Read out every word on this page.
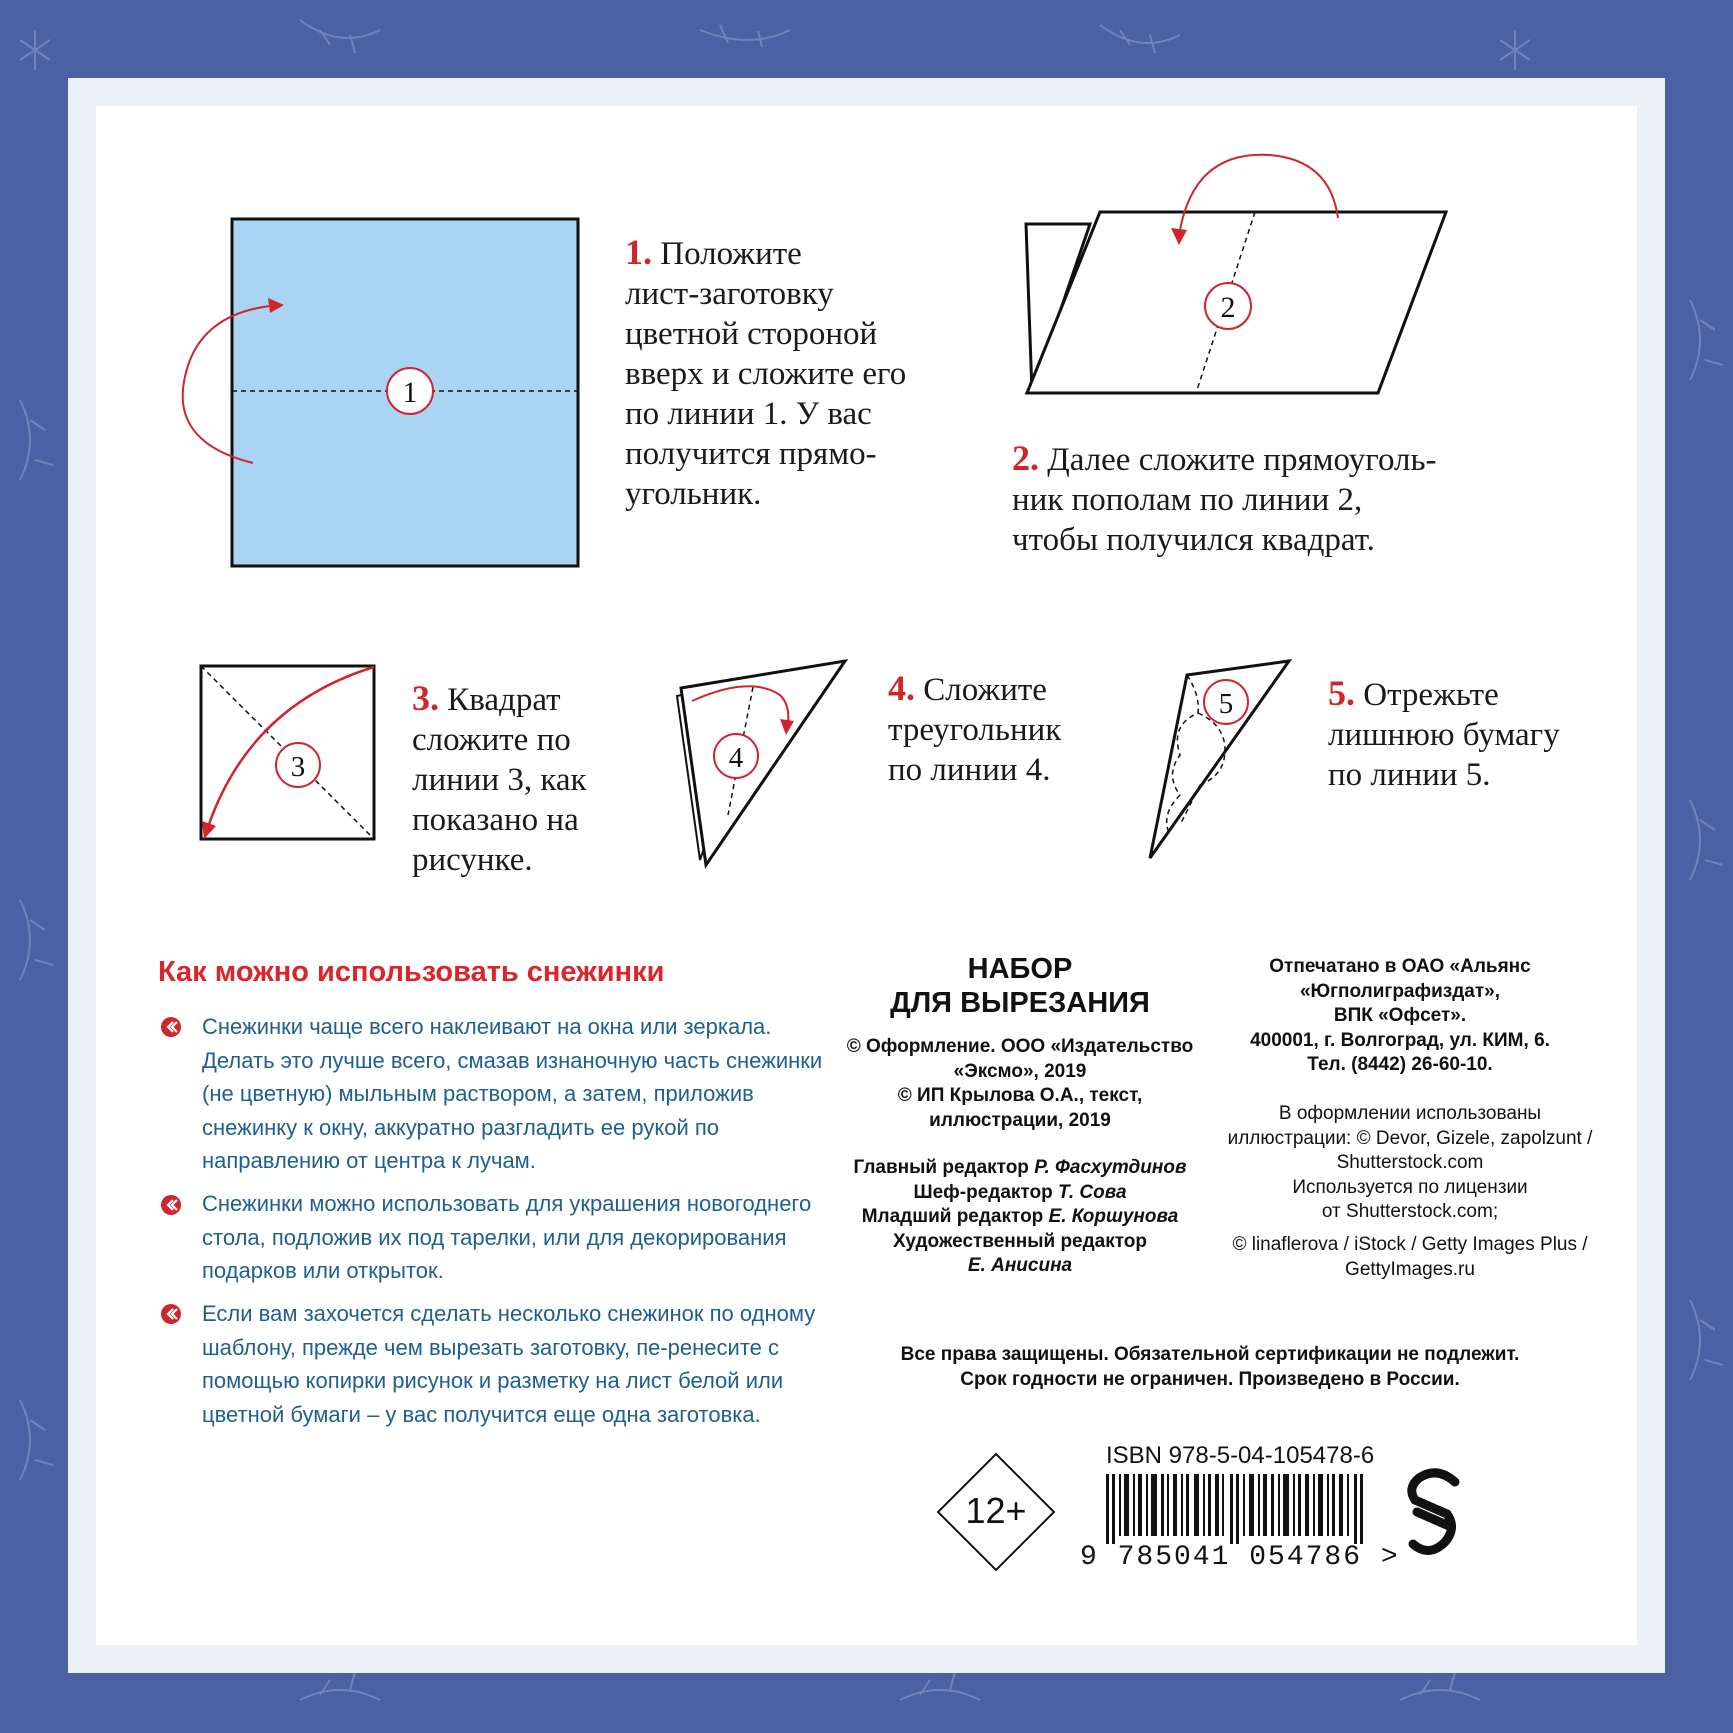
1
1. Положите
лист-заготовку
цветной стороной
вверх и сложите его
по линии 1. У вас
получится прямо-
угольник.
2
2. Далее сложите прямоуголь-
ник пополам по линии 2,
чтобы получился квадрат.
3
3. Квадрат
сложите по
линии 3, как
показано на
рисунке.
4
4. Сложите
треугольник
по линии 4.
5	5. Отрежьте
лишнюю бумагу
по линии 5.
Как можно использовать снежинки
Снежинки чаще всего наклеивают на окна или зеркала. Делать это лучше всего, смазав изнаночную часть снежинки (не цветную) мыльным раствором, а затем, приложив снежинку к окну, аккуратно разгладить ее рукой по направлению от центра к лучам.
Снежинки можно использовать для украшения новогоднего стола, подложив их под тарелки, или для декорирования подарков или открыток.
Если вам захочется сделать несколько снежинок по одному шаблону, прежде чем вырезать заготовку, пе-ренесите с помощью копирки рисунок и разметку на лист белой или цветной бумаги – у вас получится еще одна заготовка.
НАБОР
ДЛЯ ВЫРЕЗАНИЯ
© Оформление. ООО «Издательство
«Эксмо», 2019
© ИП Крылова О.А., текст,
иллюстрации, 2019
Главный редактор Р. Фасхутдинов
Шеф-редактор Т. Сова
Младший редактор Е. Коршунова
Художественный редактор
Е. Анисина
Отпечатано в ОАО «Альянс
«Югполиграфиздат»,
ВПК «Офсет».
400001, г. Волгоград, ул. КИМ, 6.
Тел. (8442) 26-60-10.
В оформлении использованы
иллюстрации: © Devor, Gizele, zapolzunt /
Shutterstock.com
Используется по лицензии
от Shutterstock.com;
© linaflerova / iStock / Getty Images Plus /
GettyImages.ru
Все права защищены. Обязательной сертификации не подлежит.
Срок годности не ограничен. Произведено в России.
12+
ISBN 978-5-04-105478-6
9 785041 054786 >
